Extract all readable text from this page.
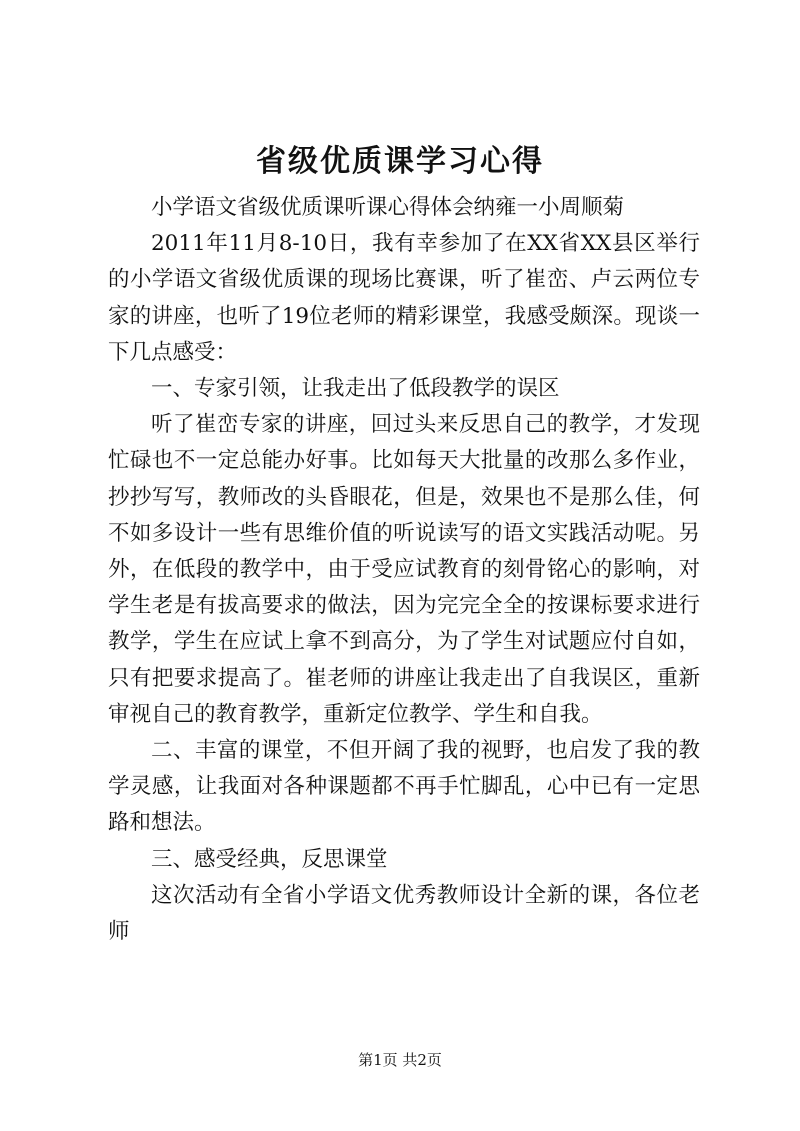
省级优质课学习心得

小学语文省级优质课听课心得体会纳雍一小周顺菊

2011年11月8-10日，我有幸参加了在XX省XX县区举行的小学语文省级优质课的现场比赛课，听了崔峦、卢云两位专家的讲座，也听了19位老师的精彩课堂，我感受颇深。现谈一下几点感受：

一、专家引领，让我走出了低段教学的误区

听了崔峦专家的讲座，回过头来反思自己的教学，才发现忙碌也不一定总能办好事。比如每天大批量的改那么多作业，抄抄写写，教师改的头昏眼花，但是，效果也不是那么佳，何不如多设计一些有思维价值的听说读写的语文实践活动呢。另外，在低段的教学中，由于受应试教育的刻骨铭心的影响，对学生老是有拔高要求的做法，因为完完全全的按课标要求进行教学，学生在应试上拿不到高分，为了学生对试题应付自如，只有把要求提高了。崔老师的讲座让我走出了自我误区，重新审视自己的教育教学，重新定位教学、学生和自我。

二、丰富的课堂，不但开阔了我的视野，也启发了我的教学灵感，让我面对各种课题都不再手忙脚乱，心中已有一定思路和想法。

三、感受经典，反思课堂

这次活动有全省小学语文优秀教师设计全新的课，各位老师

第1页 共2页
